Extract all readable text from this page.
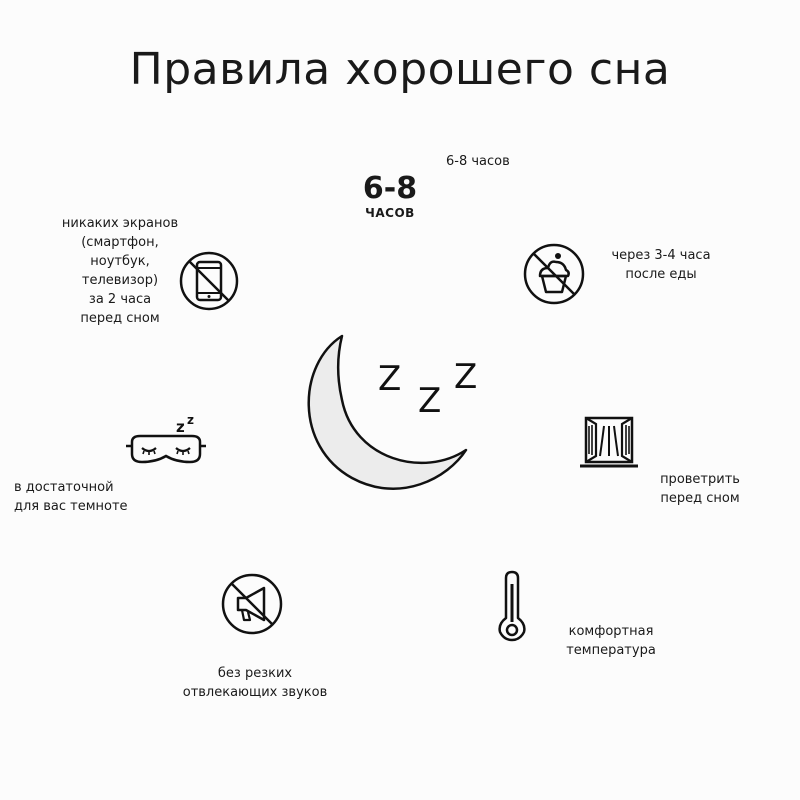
Правила хорошего сна
6-8 часов
6-8
ЧАСОВ
никаких экранов
(смартфон,
ноутбук,
телевизор)
за 2 часа
перед сном
через 3-4 часа
после еды
Z
Z
Z
z z
в достаточной
для вас темноте
проветрить
перед сном
без резких
отвлекающих звуков
комфортная
температура
